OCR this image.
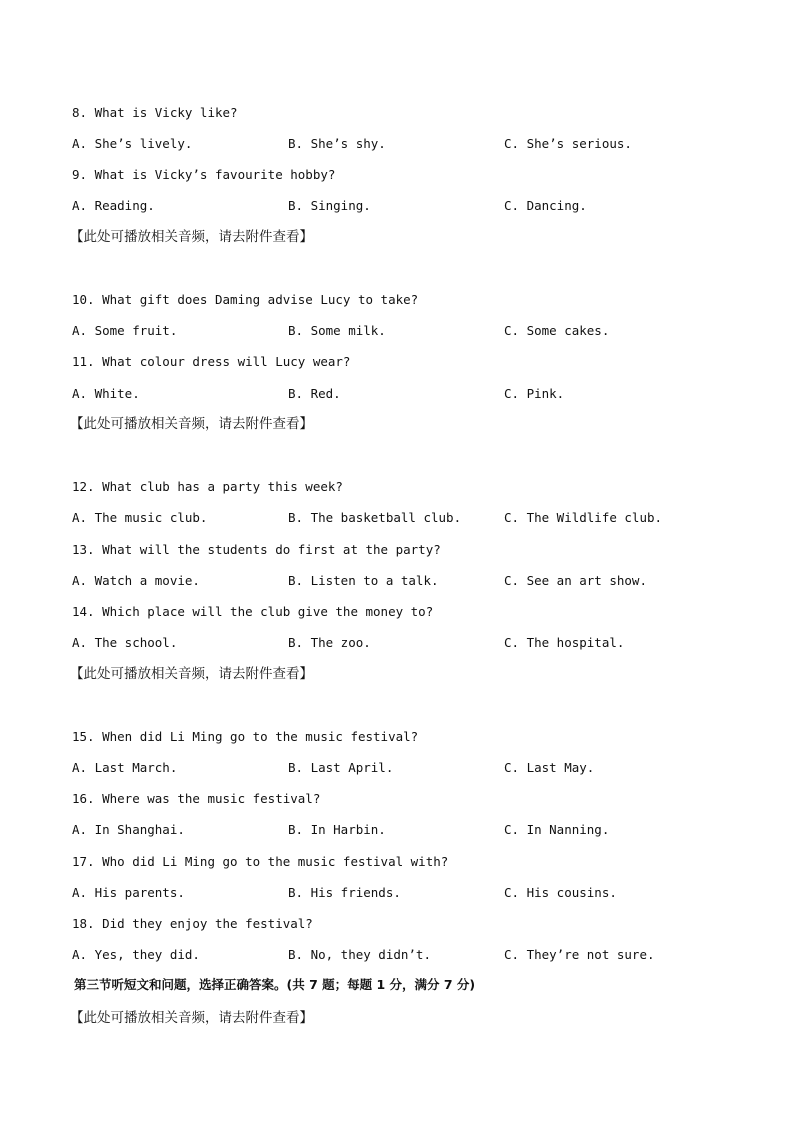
8. What is Vicky like?
A. She’s lively.	B. She’s shy.	C. She’s serious.
9. What is Vicky’s favourite hobby?
A. Reading.	B. Singing.	C. Dancing.
【此处可播放相关音频，请去附件查看】
10. What gift does Daming advise Lucy to take?
A. Some fruit.	B. Some milk.	C. Some cakes.
11. What colour dress will Lucy wear?
A. White.	B. Red.	C. Pink.
【此处可播放相关音频，请去附件查看】
12. What club has a party this week?
A. The music club.	B. The basketball club.	C. The Wildlife club.
13. What will the students do first at the party?
A. Watch a movie.	B. Listen to a talk.	C. See an art show.
14. Which place will the club give the money to?
A. The school.	B. The zoo.	C. The hospital.
【此处可播放相关音频，请去附件查看】
15. When did Li Ming go to the music festival?
A. Last March.	B. Last April.	C. Last May.
16. Where was the music festival?
A. In Shanghai.	B. In Harbin.	C. In Nanning.
17. Who did Li Ming go to the music festival with?
A. His parents.	B. His friends.	C. His cousins.
18. Did they enjoy the festival?
A. Yes, they did.	B. No, they didn’t.	C. They’re not sure.
第三节听短文和问题，选择正确答案。(共 7 题；每题 1 分，满分 7 分)
【此处可播放相关音频，请去附件查看】
